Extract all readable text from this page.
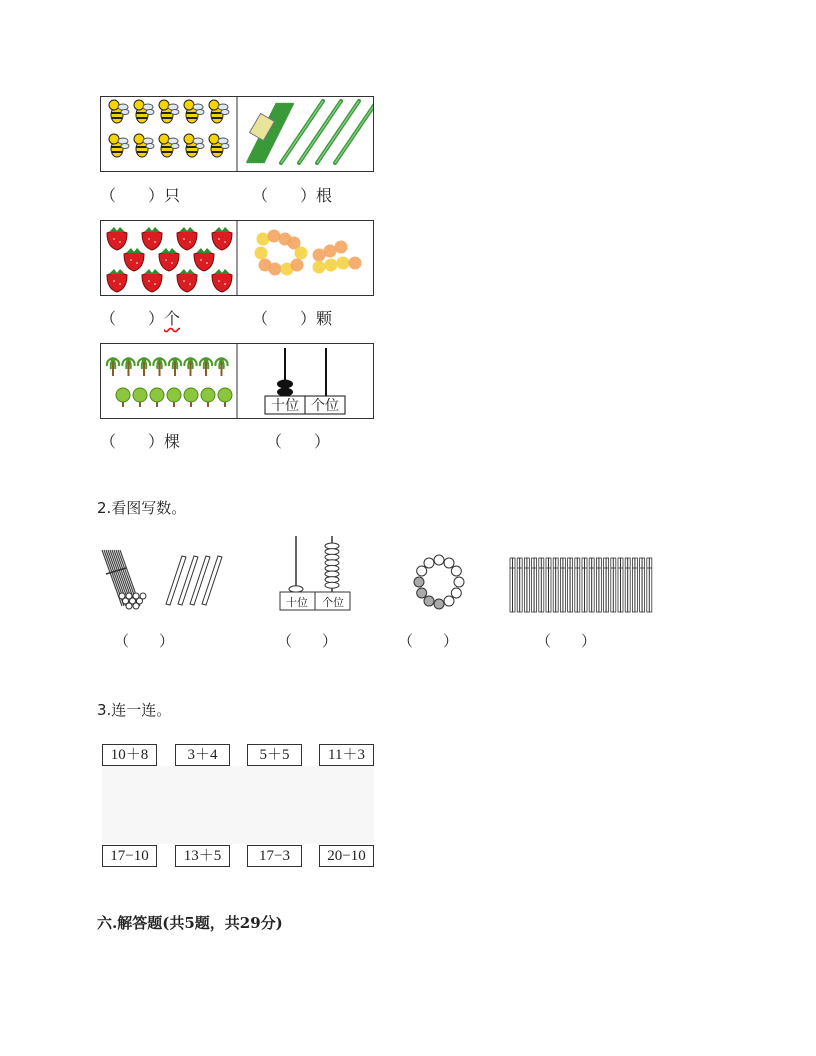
（　　）只	（　　）根
（　　）个	（　　）颗
十位 个位
（　　）棵	（　　）
2.看图写数。
十位 个位
（　　）	（　　）	（　　）	（　　）
3.连一连。
10＋8	3＋4	5＋5	11＋3
17−10	13＋5	17−3	20−10
六.解答题(共5题，共29分)
